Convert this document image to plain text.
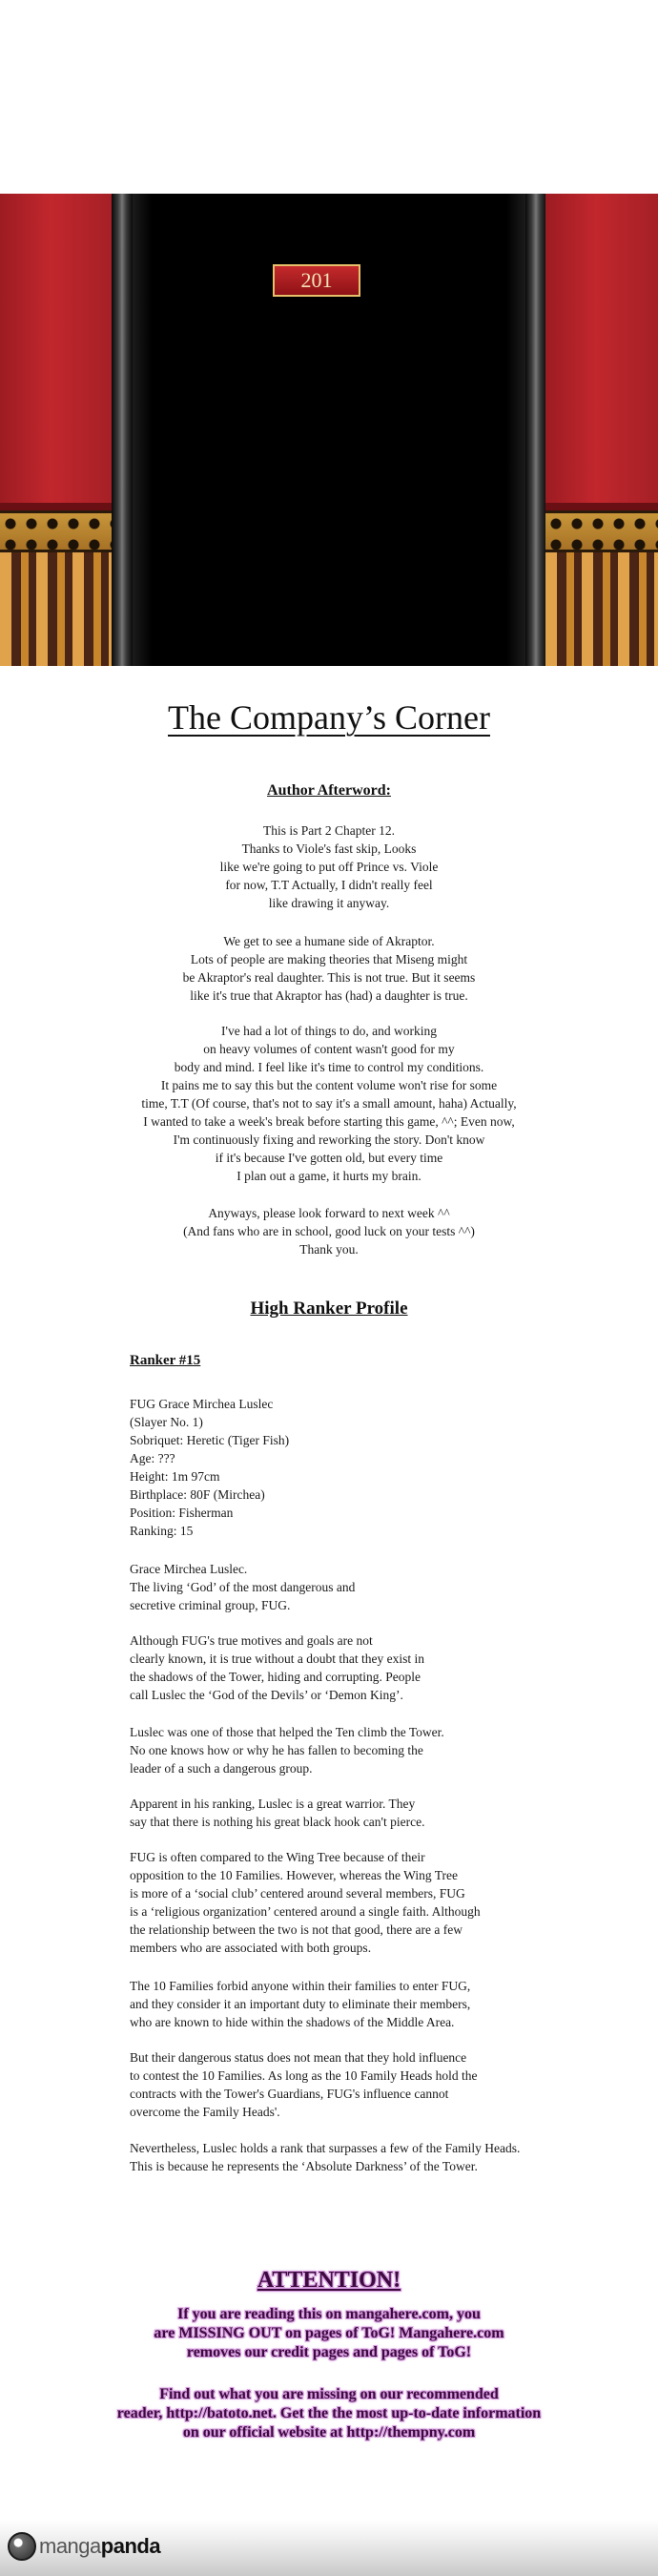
201
The Company’s Corner
Author Afterword:
This is Part 2 Chapter 12.
Thanks to Viole's fast skip, Looks
like we're going to put off Prince vs. Viole
for now, T.T Actually, I didn't really feel
like drawing it anyway.
We get to see a humane side of Akraptor.
Lots of people are making theories that Miseng might
be Akraptor's real daughter. This is not true. But it seems
like it's true that Akraptor has (had) a daughter is true.
I've had a lot of things to do, and working
on heavy volumes of content wasn't good for my
body and mind. I feel like it's time to control my conditions.
It pains me to say this but the content volume won't rise for some
time, T.T (Of course, that's not to say it's a small amount, haha) Actually,
I wanted to take a week's break before starting this game, ^^; Even now,
I'm continuously fixing and reworking the story. Don't know
if it's because I've gotten old, but every time
I plan out a game, it hurts my brain.
Anyways, please look forward to next week ^^
(And fans who are in school, good luck on your tests ^^)
Thank you.
High Ranker Profile
Ranker #15
FUG Grace Mirchea Luslec
(Slayer No. 1)
Sobriquet: Heretic (Tiger Fish)
Age: ???
Height: 1m 97cm
Birthplace: 80F (Mirchea)
Position: Fisherman
Ranking: 15
Grace Mirchea Luslec.
The living ‘God’ of the most dangerous and
secretive criminal group, FUG.
Although FUG's true motives and goals are not
clearly known, it is true without a doubt that they exist in
the shadows of the Tower, hiding and corrupting. People
call Luslec the ‘God of the Devils’ or ‘Demon King’.
Luslec was one of those that helped the Ten climb the Tower.
No one knows how or why he has fallen to becoming the
leader of a such a dangerous group.
Apparent in his ranking, Luslec is a great warrior. They
say that there is nothing his great black hook can't pierce.
FUG is often compared to the Wing Tree because of their
opposition to the 10 Families. However, whereas the Wing Tree
is more of a ‘social club’ centered around several members, FUG
is a ‘religious organization’ centered around a single faith. Although
the relationship between the two is not that good, there are a few
members who are associated with both groups.
The 10 Families forbid anyone within their families to enter FUG,
and they consider it an important duty to eliminate their members,
who are known to hide within the shadows of the Middle Area.
But their dangerous status does not mean that they hold influence
to contest the 10 Families. As long as the 10 Family Heads hold the
contracts with the Tower's Guardians, FUG's influence cannot
overcome the Family Heads'.
Nevertheless, Luslec holds a rank that surpasses a few of the Family Heads.
This is because he represents the ‘Absolute Darkness’ of the Tower.
ATTENTION!
If you are reading this on mangahere.com, you
are MISSING OUT on pages of ToG! Mangahere.com
removes our credit pages and pages of ToG!
Find out what you are missing on our recommended
reader, http://batoto.net. Get the the most up-to-date information
on our official website at http://thempny.com
manga panda
